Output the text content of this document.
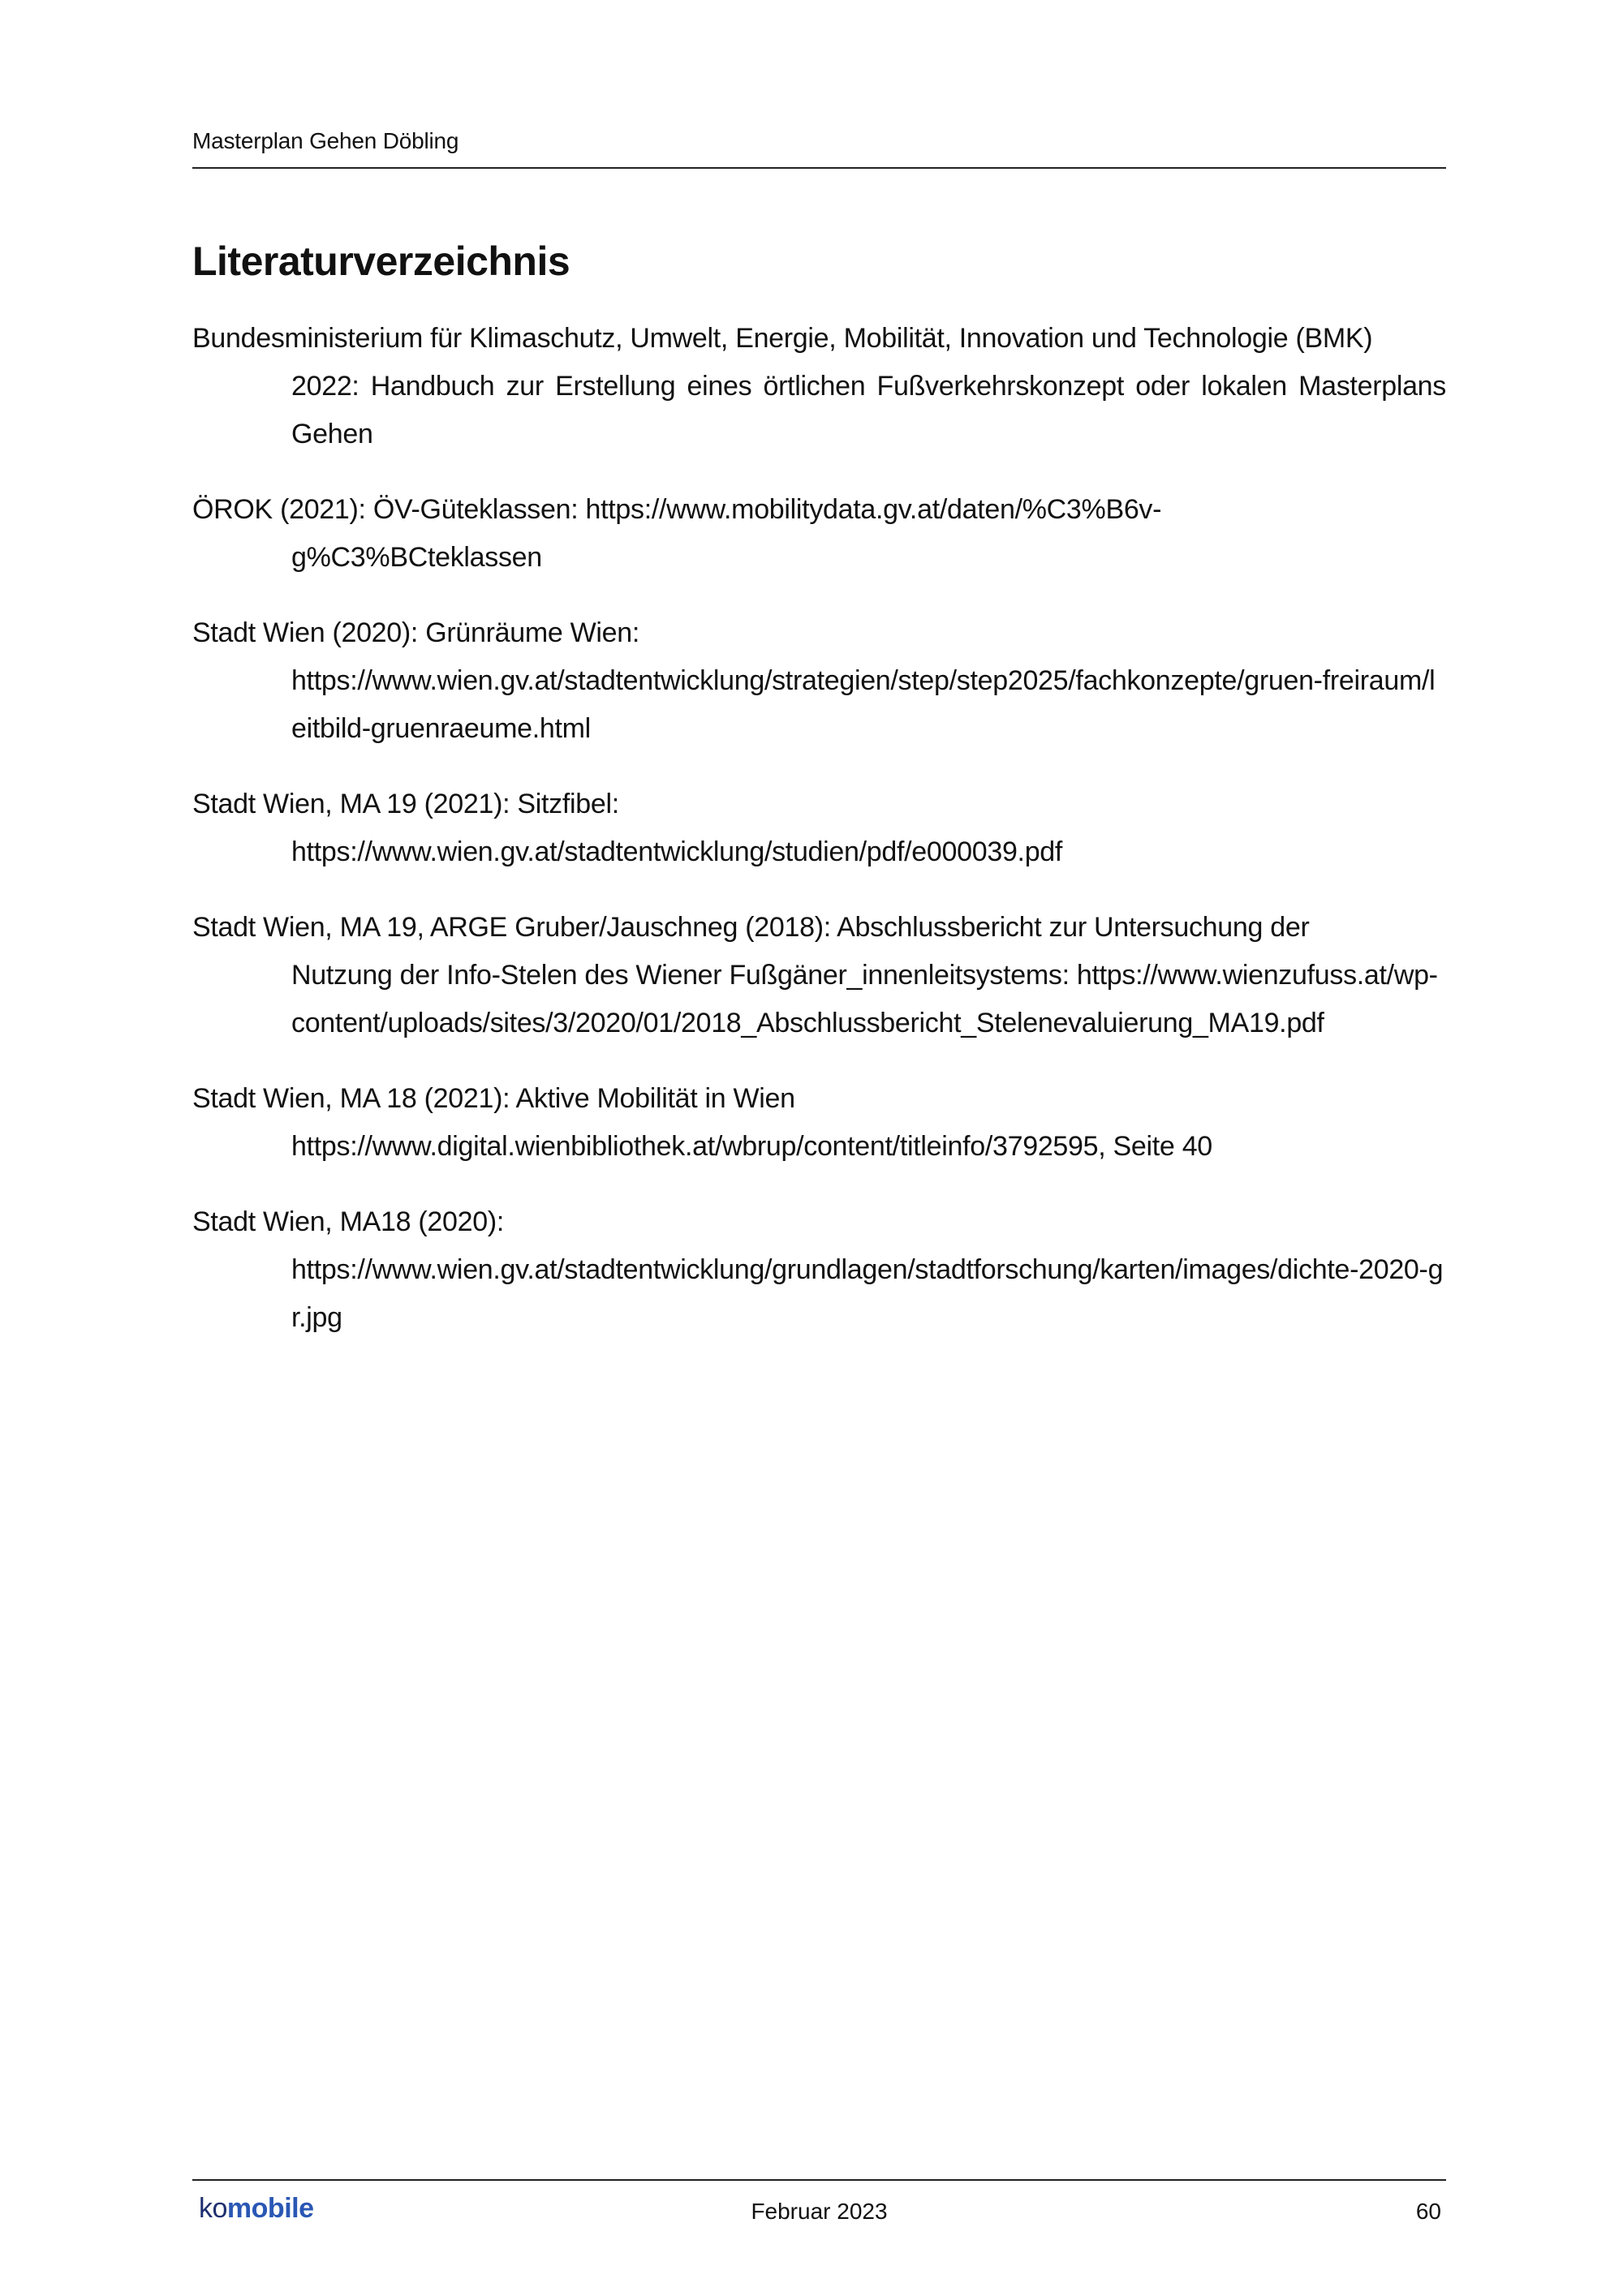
Masterplan Gehen Döbling
Literaturverzeichnis

Bundesministerium für Klimaschutz, Umwelt, Energie, Mobilität, Innovation und Technologie (BMK)
2022: Handbuch zur Erstellung eines örtlichen Fußverkehrskonzept oder lokalen Masterplans Gehen

ÖROK (2021): ÖV-Güteklassen: https://www.mobilitydata.gv.at/daten/%C3%B6v-
g%C3%BCteklassen

Stadt Wien (2020): Grünräume Wien:
https://www.wien.gv.at/stadtentwicklung/strategien/step/step2025/fachkonzepte/gruen-freiraum/leitbild-gruenraeume.html

Stadt Wien, MA 19 (2021): Sitzfibel:
https://www.wien.gv.at/stadtentwicklung/studien/pdf/e000039.pdf

Stadt Wien, MA 19, ARGE Gruber/Jauschneg (2018): Abschlussbericht zur Untersuchung der
Nutzung der Info-Stelen des Wiener Fußgäner_innenleitsystems: https://www.wienzufuss.at/wp-content/uploads/sites/3/2020/01/2018_Abschlussbericht_Stelenevaluierung_MA19.pdf

Stadt Wien, MA 18 (2021): Aktive Mobilität in Wien
https://www.digital.wienbibliothek.at/wbrup/content/titleinfo/3792595, Seite 40

Stadt Wien, MA18 (2020):
https://www.wien.gv.at/stadtentwicklung/grundlagen/stadtforschung/karten/images/dichte-2020-gr.jpg

komobile	Februar 2023	60
